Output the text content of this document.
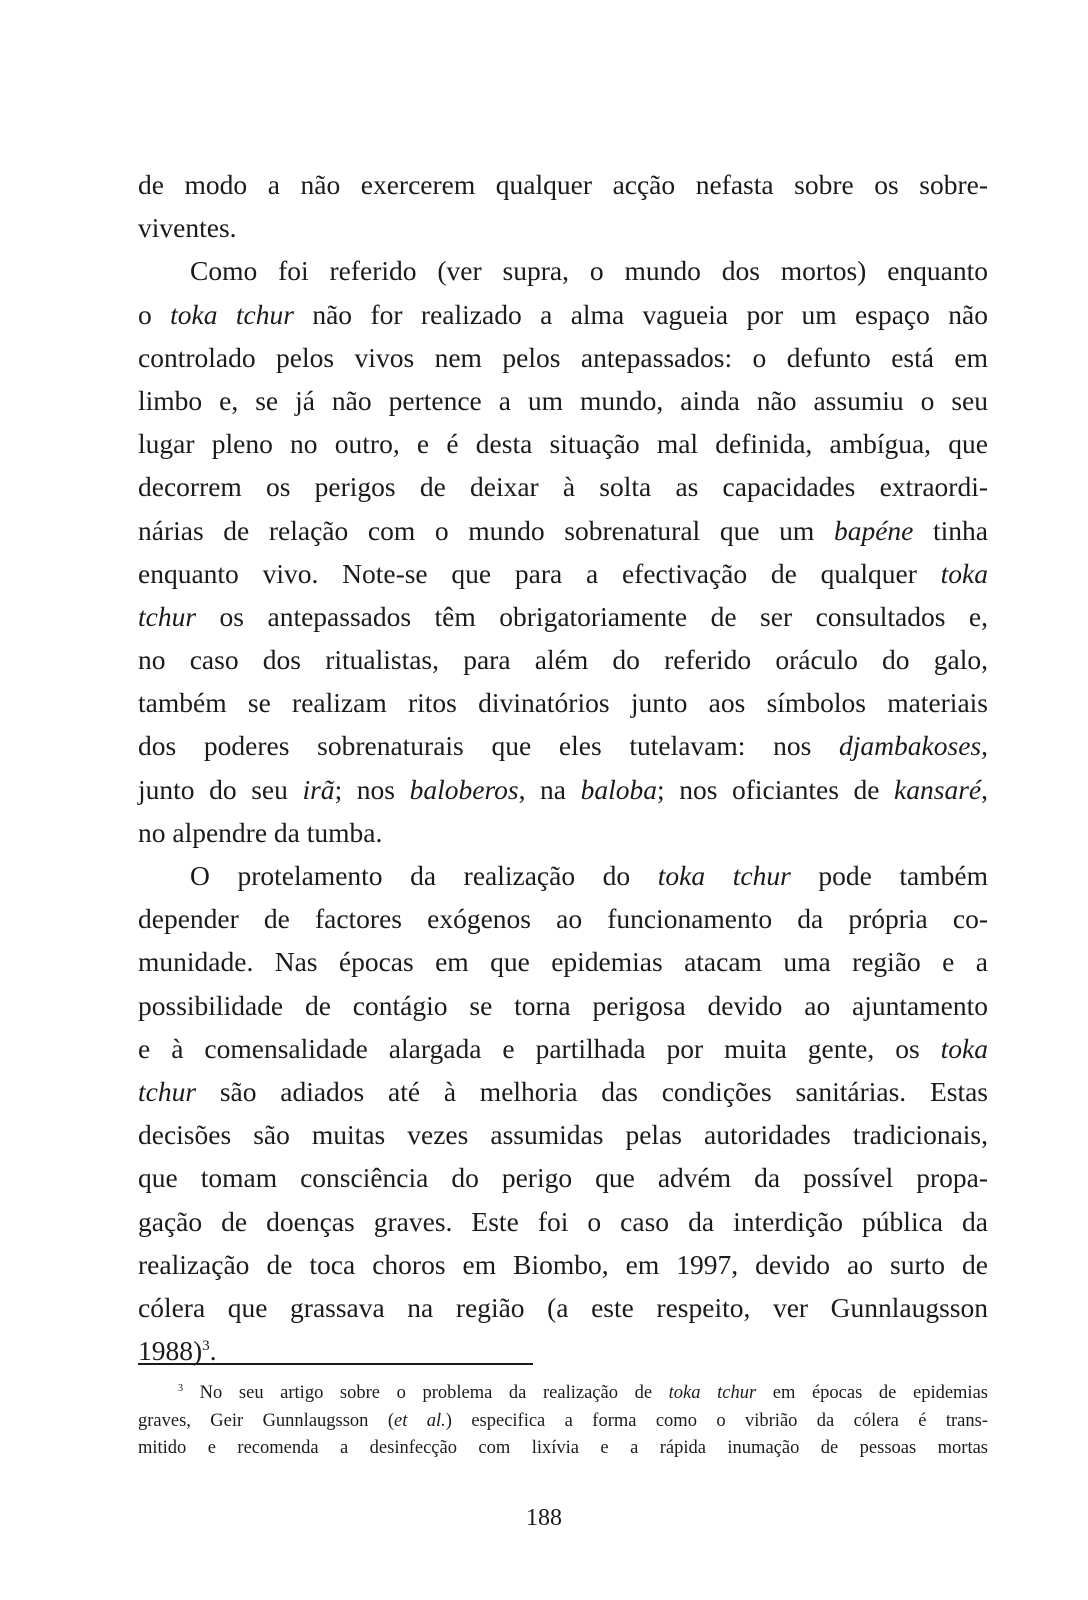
de modo a não exercerem qualquer acção nefasta sobre os sobre-
viventes.
Como foi referido (ver supra, o mundo dos mortos) enquanto
o toka tchur não for realizado a alma vagueia por um espaço não
controlado pelos vivos nem pelos antepassados: o defunto está em
limbo e, se já não pertence a um mundo, ainda não assumiu o seu
lugar pleno no outro, e é desta situação mal definida, ambígua, que
decorrem os perigos de deixar à solta as capacidades extraordi-
nárias de relação com o mundo sobrenatural que um bapéne tinha
enquanto vivo. Note-se que para a efectivação de qualquer toka
tchur os antepassados têm obrigatoriamente de ser consultados e,
no caso dos ritualistas, para além do referido oráculo do galo,
também se realizam ritos divinatórios junto aos símbolos materiais
dos poderes sobrenaturais que eles tutelavam: nos djambakoses,
junto do seu irã; nos baloberos, na baloba; nos oficiantes de kansaré,
no alpendre da tumba.
O protelamento da realização do toka tchur pode também
depender de factores exógenos ao funcionamento da própria co-
munidade. Nas épocas em que epidemias atacam uma região e a
possibilidade de contágio se torna perigosa devido ao ajuntamento
e à comensalidade alargada e partilhada por muita gente, os toka
tchur são adiados até à melhoria das condições sanitárias. Estas
decisões são muitas vezes assumidas pelas autoridades tradicionais,
que tomam consciência do perigo que advém da possível propa-
gação de doenças graves. Este foi o caso da interdição pública da
realização de toca choros em Biombo, em 1997, devido ao surto de
cólera que grassava na região (a este respeito, ver Gunnlaugsson
1988)$^3$.
$^3$ No seu artigo sobre o problema da realização de toka tchur em épocas de epidemias
graves, Geir Gunnlaugsson (et al.) especifica a forma como o vibrião da cólera é trans-
mitido e recomenda a desinfecção com lixívia e a rápida inumação de pessoas mortas
188
